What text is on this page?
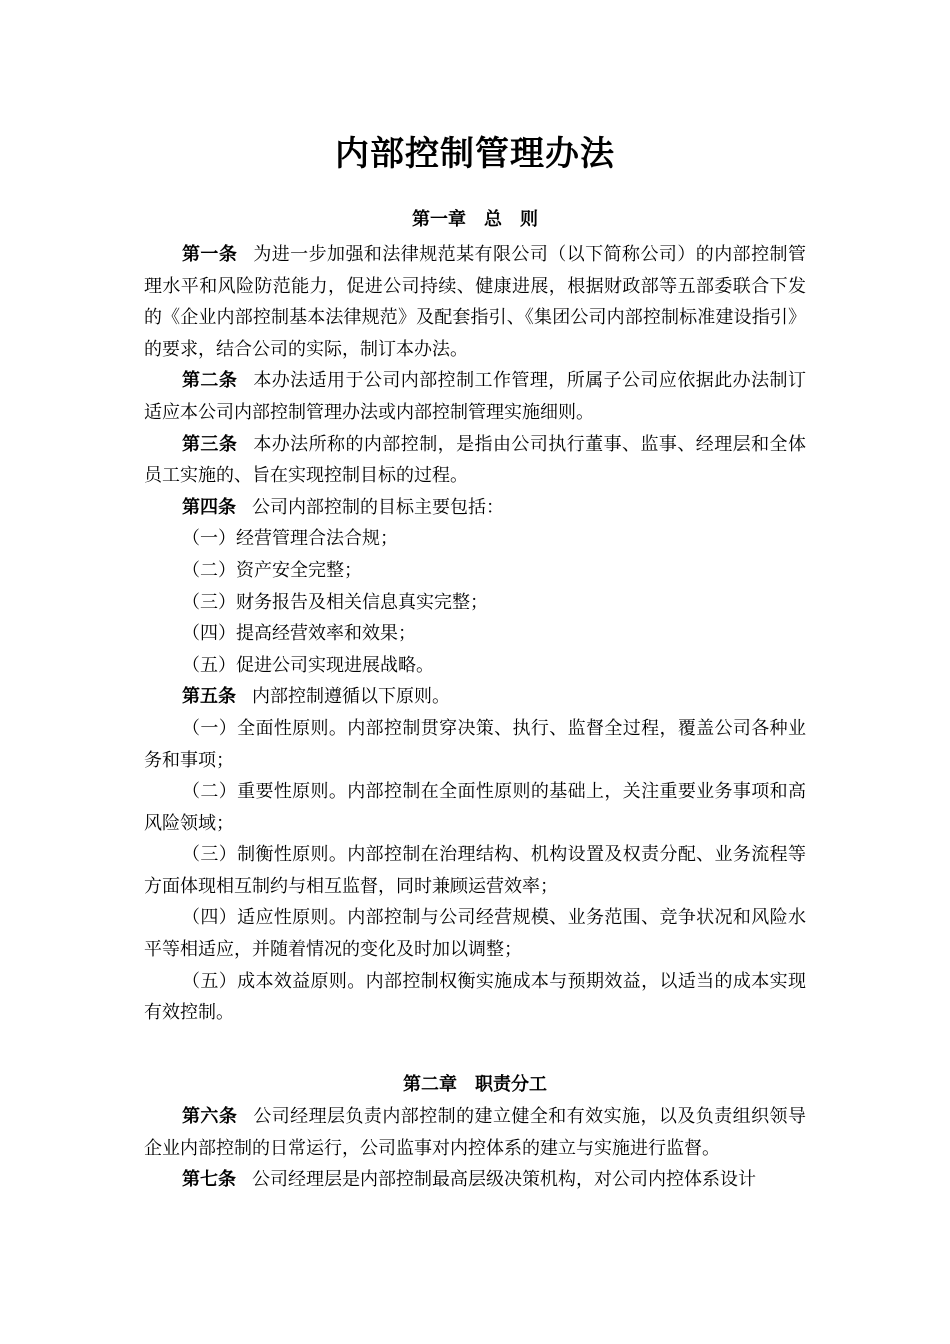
内部控制管理办法
第一章　总　则

第一条 为进一步加强和法律规范某有限公司（以下简称公司）的内部控制管理水平和风险防范能力，促进公司持续、健康进展，根据财政部等五部委联合下发的《企业内部控制基本法律规范》及配套指引、《集团公司内部控制标准建设指引》的要求，结合公司的实际，制订本办法。

第二条 本办法适用于公司内部控制工作管理，所属子公司应依据此办法制订适应本公司内部控制管理办法或内部控制管理实施细则。

第三条 本办法所称的内部控制，是指由公司执行董事、监事、经理层和全体员工实施的、旨在实现控制目标的过程。

第四条 公司内部控制的目标主要包括：

（一）经营管理合法合规；

（二）资产安全完整；

（三）财务报告及相关信息真实完整；

（四）提高经营效率和效果；

（五）促进公司实现进展战略。

第五条 内部控制遵循以下原则。

（一）全面性原则。内部控制贯穿决策、执行、监督全过程，覆盖公司各种业务和事项；

（二）重要性原则。内部控制在全面性原则的基础上，关注重要业务事项和高风险领域；

（三）制衡性原则。内部控制在治理结构、机构设置及权责分配、业务流程等方面体现相互制约与相互监督，同时兼顾运营效率；

（四）适应性原则。内部控制与公司经营规模、业务范围、竞争状况和风险水平等相适应，并随着情况的变化及时加以调整；

（五）成本效益原则。内部控制权衡实施成本与预期效益，以适当的成本实现有效控制。

第二章　职责分工

第六条 公司经理层负责内部控制的建立健全和有效实施，以及负责组织领导企业内部控制的日常运行，公司监事对内控体系的建立与实施进行监督。

第七条 公司经理层是内部控制最高层级决策机构，对公司内控体系设计
